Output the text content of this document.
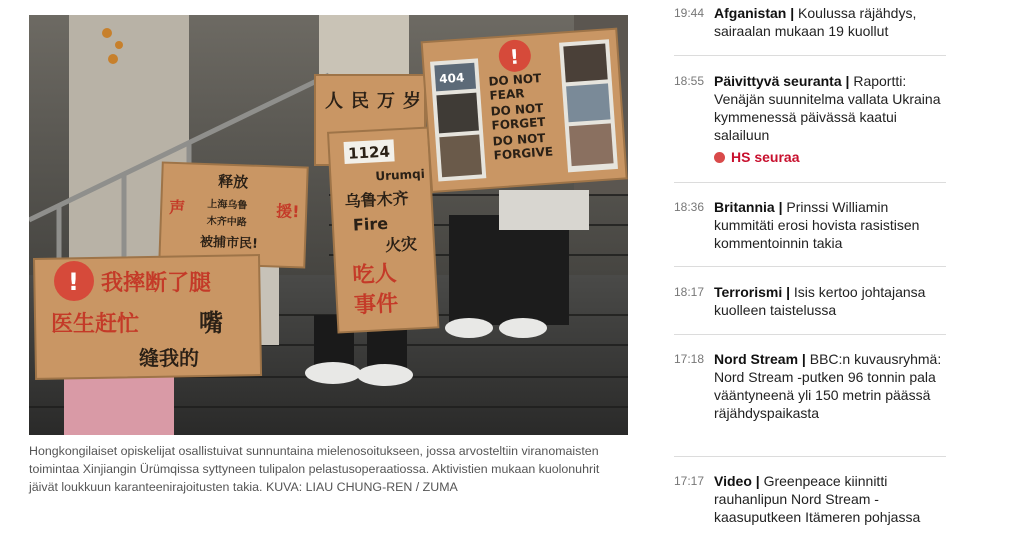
声	援!
释放
上海乌鲁
木齐中路
被捕市民!
! 我摔断了腿
医生赶忙 嘴
缝我的
人 民 万 岁
1124
Urumqi
乌鲁木齐
Fire
火灾
吃人
事件
404
!
DO NOT
FEAR
DO NOT
FORGET
DO NOT
FORGIVE

Hongkongilaiset opiskelijat osallistuivat sunnuntaina mielenosoitukseen, jossa arvosteltiin viranomaisten toimintaa Xinjiangin Ürümqissa syttyneen tulipalon pelastusoperaatiossa. Aktivistien mukaan kuolonuhrit jäivät loukkuun karanteenirajoitusten takia. KUVA: LIAU CHUNG-REN / ZUMA

19:44 Afganistan | Koulussa räjähdys, sairaalan mukaan 19 kuollut

18:55 Päivittyvä seuranta | Raportti: Venäjän suunnitelma vallata Ukraina kymmenessä päivässä kaatui salailuun
HS seuraa

18:36 Britannia | Prinssi Williamin kummitäti erosi hovista rasistisen kommentoinnin takia

18:17 Terrorismi | Isis kertoo johtajansa kuolleen taistelussa

17:18 Nord Stream | BBC:n kuvausryhmä: Nord Stream -putken 96 tonnin pala vääntyneenä yli 150 metrin päässä räjähdyspaikasta

17:17 Video | Greenpeace kiinnitti rauhanlipun Nord Stream -kaasuputkeen Itämeren pohjassa
